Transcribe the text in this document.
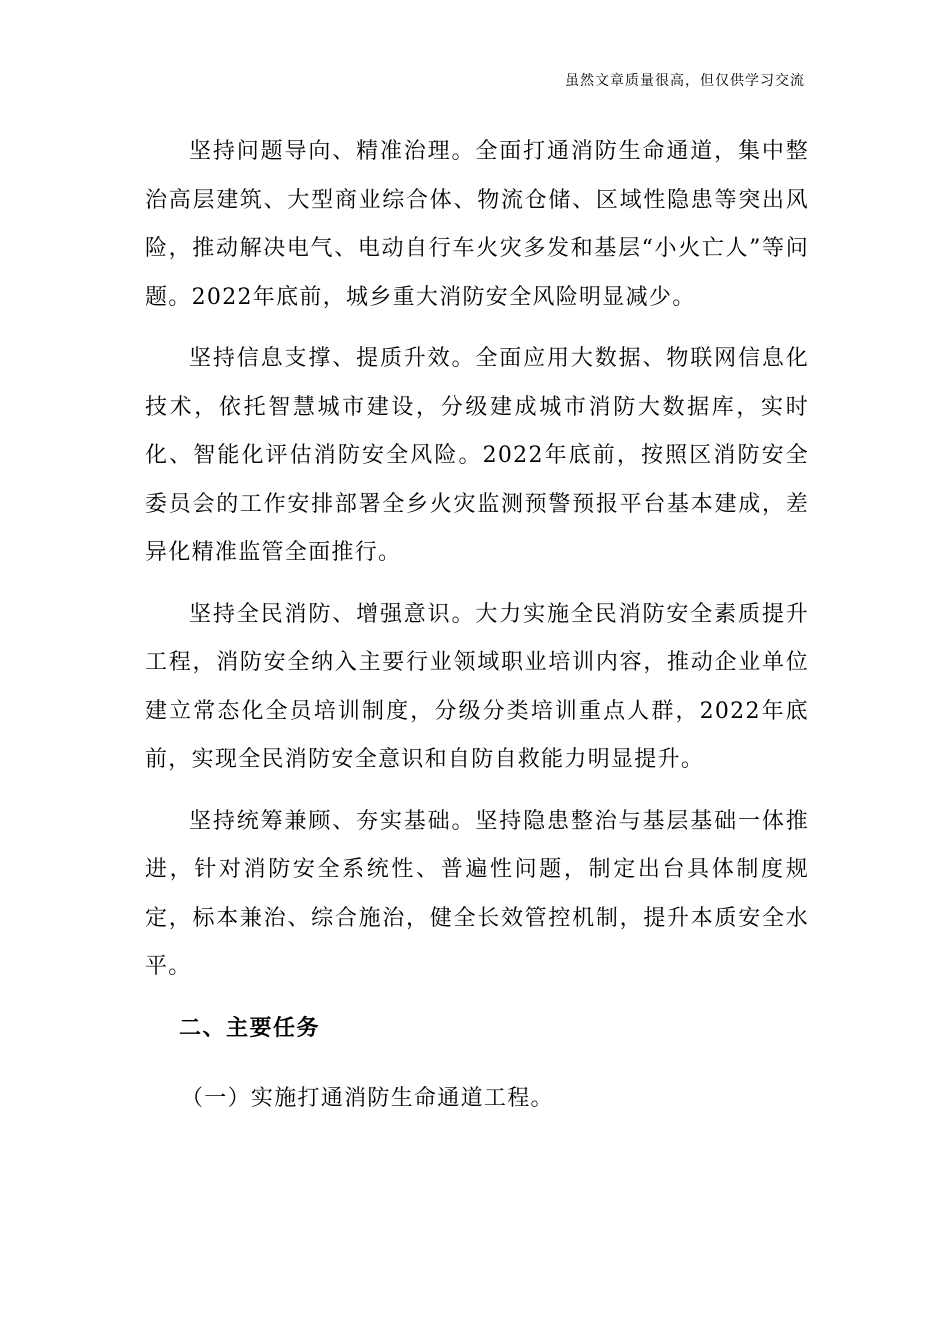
虽然文章质量很高，但仅供学习交流

坚持问题导向、精准治理。全面打通消防生命通道，集中整治高层建筑、大型商业综合体、物流仓储、区域性隐患等突出风险，推动解决电气、电动自行车火灾多发和基层“小火亡人”等问题。2022年底前，城乡重大消防安全风险明显减少。

坚持信息支撑、提质升效。全面应用大数据、物联网信息化技术，依托智慧城市建设，分级建成城市消防大数据库，实时化、智能化评估消防安全风险。2022年底前，按照区消防安全委员会的工作安排部署全乡火灾监测预警预报平台基本建成，差异化精准监管全面推行。

坚持全民消防、增强意识。大力实施全民消防安全素质提升工程，消防安全纳入主要行业领域职业培训内容，推动企业单位建立常态化全员培训制度，分级分类培训重点人群，2022年底前，实现全民消防安全意识和自防自救能力明显提升。

坚持统筹兼顾、夯实基础。坚持隐患整治与基层基础一体推进，针对消防安全系统性、普遍性问题，制定出台具体制度规定，标本兼治、综合施治，健全长效管控机制，提升本质安全水平。

二、主要任务
（一）实施打通消防生命通道工程。
